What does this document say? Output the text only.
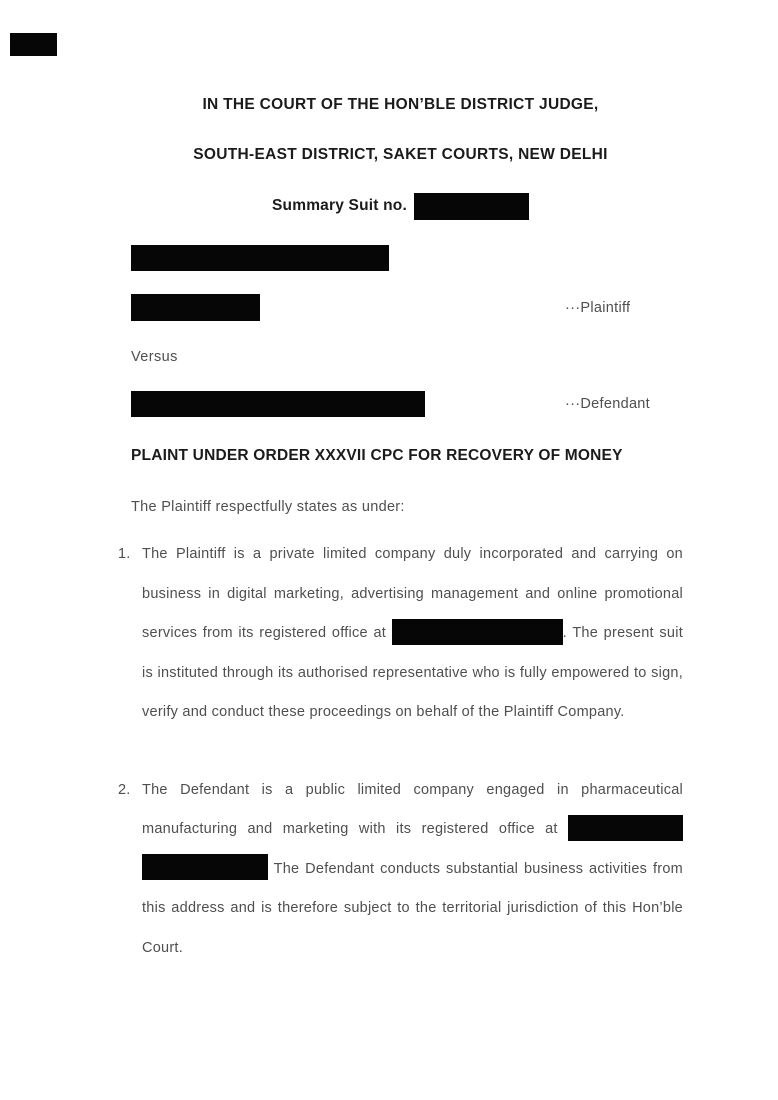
IN THE COURT OF THE HON’BLE DISTRICT JUDGE,
SOUTH-EAST DISTRICT, SAKET COURTS, NEW DELHI
Summary Suit no.
···Plaintiff
Versus
···Defendant
PLAINT UNDER ORDER XXXVII CPC FOR RECOVERY OF MONEY
The Plaintiff respectfully states as under:
1. The Plaintiff is a private limited company duly incorporated and carrying on business in digital marketing, advertising management and online promotional services from its registered office at	. The present suit is instituted through its authorised representative who is fully empowered to sign, verify and conduct these proceedings on behalf of the Plaintiff Company.
2. The Defendant is a public limited company engaged in pharmaceutical manufacturing and marketing with its registered office at   The Defendant conducts substantial business activities from this address and is therefore subject to the territorial jurisdiction of this Hon’ble Court.
